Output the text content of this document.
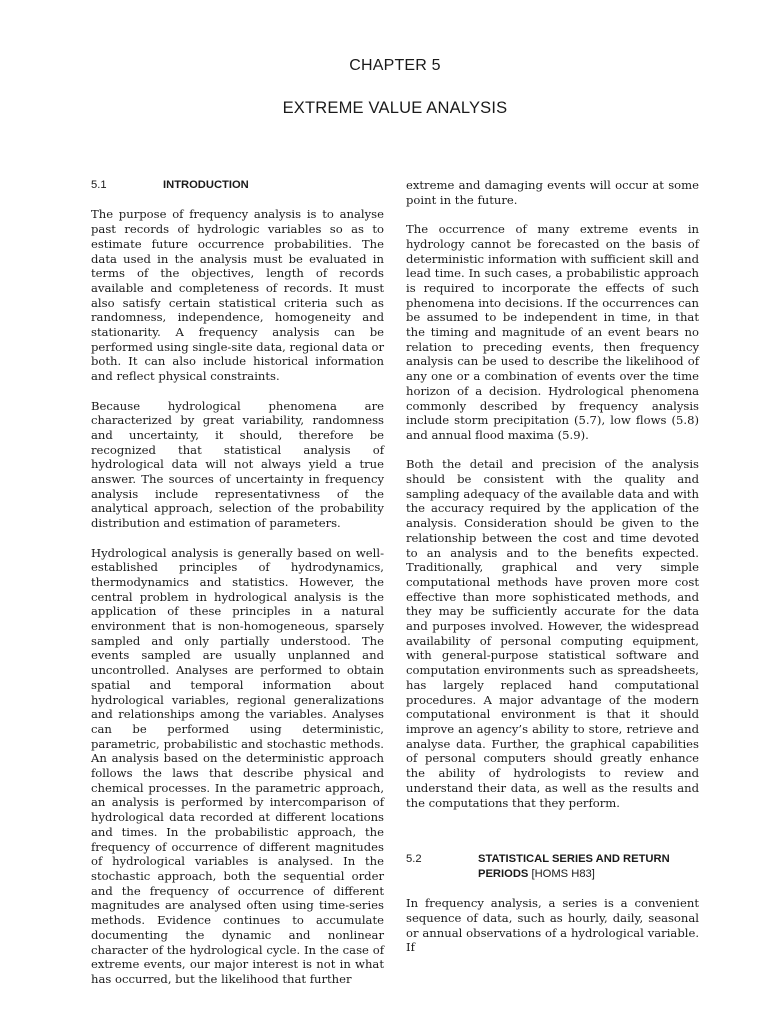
CHAPTER 5
EXTREME VALUE ANALYSIS
5.1	INTRODUCTION

The purpose of frequency analysis is to analyse past records of hydrologic variables so as to estimate future occurrence probabilities. The data used in the analysis must be evaluated in terms of the objectives, length of records available and completeness of records. It must also satisfy certain statistical criteria such as randomness, independence, homogeneity and stationarity. A frequency analysis can be performed using single-site data, regional data or both. It can also include historical information and reflect physical constraints.

Because hydrological phenomena are characterized by great variability, randomness and uncertainty, it should, therefore be recognized that statistical analysis of hydrological data will not always yield a true answer. The sources of uncertainty in frequency analysis include representativness of the analytical approach, selection of the probability distribution and estimation of parameters.

Hydrological analysis is generally based on well-established principles of hydrodynamics, thermodynamics and statistics. However, the central problem in hydrological analysis is the application of these principles in a natural environment that is non-homogeneous, sparsely sampled and only partially understood. The events sampled are usually unplanned and uncontrolled. Analyses are performed to obtain spatial and temporal information about hydrological variables, regional generalizations and relationships among the variables. Analyses can be performed using deterministic, parametric, probabilistic and stochastic methods. An analysis based on the deterministic approach follows the laws that describe physical and chemical processes. In the parametric approach, an analysis is performed by intercomparison of hydrological data recorded at different locations and times. In the probabilistic approach, the frequency of occurrence of different magnitudes of hydrological variables is analysed. In the stochastic approach, both the sequential order and the frequency of occurrence of different magnitudes are analysed often using time-series methods. Evidence continues to accumulate documenting the dynamic and nonlinear character of the hydrological cycle. In the case of extreme events, our major interest is not in what has occurred, but the likelihood that further

extreme and damaging events will occur at some point in the future.

The occurrence of many extreme events in hydrology cannot be forecasted on the basis of deterministic information with sufficient skill and lead time. In such cases, a probabilistic approach is required to incorporate the effects of such phenomena into decisions. If the occurrences can be assumed to be independent in time, in that the timing and magnitude of an event bears no relation to preceding events, then frequency analysis can be used to describe the likelihood of any one or a combination of events over the time horizon of a decision. Hydrological phenomena commonly described by frequency analysis include storm precipitation (5.7), low flows (5.8) and annual flood maxima (5.9).

Both the detail and precision of the analysis should be consistent with the quality and sampling adequacy of the available data and with the accuracy required by the application of the analysis. Consideration should be given to the relationship between the cost and time devoted to an analysis and to the benefits expected. Traditionally, graphical and very simple computational methods have proven more cost effective than more sophisticated methods, and they may be sufficiently accurate for the data and purposes involved. However, the widespread availability of personal computing equipment, with general-purpose statistical software and computation environments such as spreadsheets, has largely replaced hand computational procedures. A major advantage of the modern computational environment is that it should improve an agency’s ability to store, retrieve and analyse data. Further, the graphical capabilities of personal computers should greatly enhance the ability of hydrologists to review and understand their data, as well as the results and the computations that they perform.

5.2	STATISTICAL SERIES AND RETURN PERIODS [HOMS H83]

In frequency analysis, a series is a convenient sequence of data, such as hourly, daily, seasonal or annual observations of a hydrological variable. If
